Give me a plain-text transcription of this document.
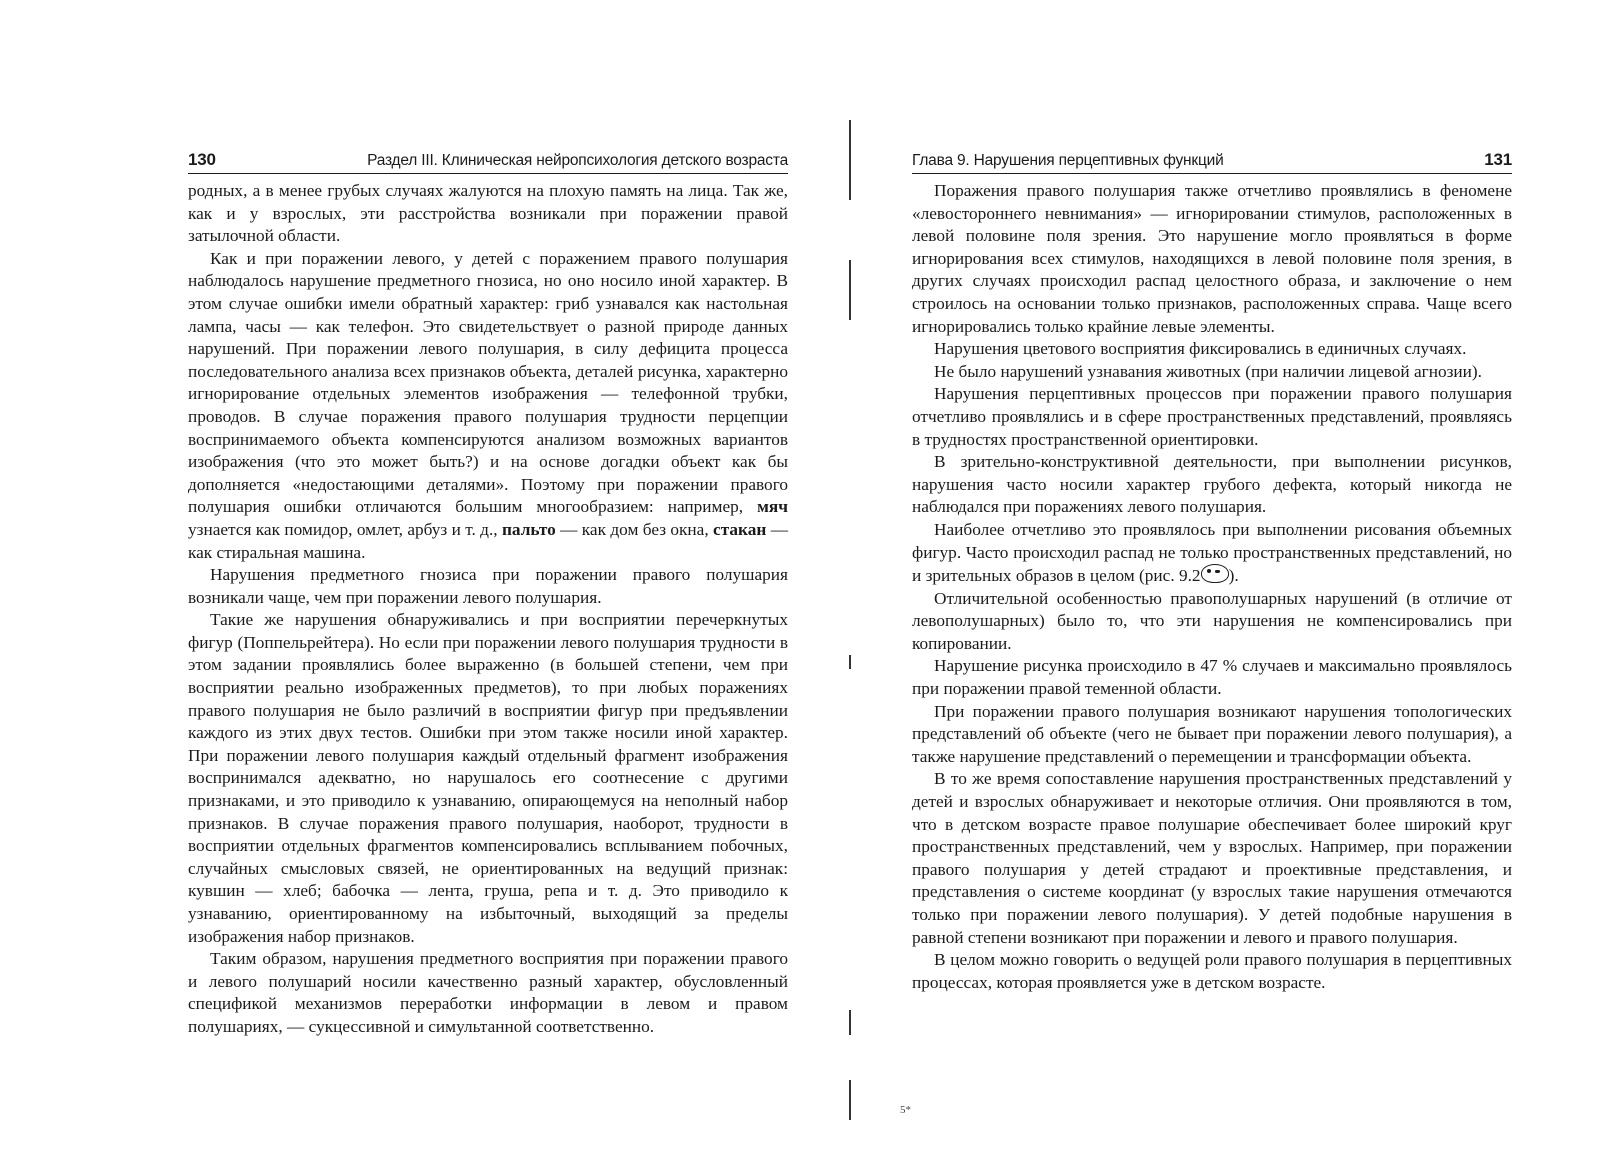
130	Раздел III. Клиническая нейропсихология детского возраста

родных, а в менее грубых случаях жалуются на плохую память на лица. Так же, как и у взрослых, эти расстройства возникали при поражении правой затылочной области.

Как и при поражении левого, у детей с поражением правого полушария наблюдалось нарушение предметного гнозиса, но оно носило иной характер. В этом случае ошибки имели обратный характер: гриб узнавался как настольная лампа, часы — как телефон. Это свидетельствует о разной природе данных нарушений. При поражении левого полушария, в силу дефицита процесса последовательного анализа всех признаков объекта, деталей рисунка, характерно игнорирование отдельных элементов изображения — телефонной трубки, проводов. В случае поражения правого полушария трудности перцепции воспринимаемого объекта компенсируются анализом возможных вариантов изображения (что это может быть?) и на основе догадки объект как бы дополняется «недостающими деталями». Поэтому при поражении правого полушария ошибки отличаются большим многообразием: например, мяч узнается как помидор, омлет, арбуз и т. д., пальто — как дом без окна, стакан — как стиральная машина.

Нарушения предметного гнозиса при поражении правого полушария возникали чаще, чем при поражении левого полушария.

Такие же нарушения обнаруживались и при восприятии перечеркнутых фигур (Поппельрейтера). Но если при поражении левого полушария трудности в этом задании проявлялись более выраженно (в большей степени, чем при восприятии реально изображенных предметов), то при любых поражениях правого полушария не было различий в восприятии фигур при предъявлении каждого из этих двух тестов. Ошибки при этом также носили иной характер. При поражении левого полушария каждый отдельный фрагмент изображения воспринимался адекватно, но нарушалось его соотнесение с другими признаками, и это приводило к узнаванию, опирающемуся на неполный набор признаков. В случае поражения правого полушария, наоборот, трудности в восприятии отдельных фрагментов компенсировались всплыванием побочных, случайных смысловых связей, не ориентированных на ведущий признак: кувшин — хлеб; бабочка — лента, груша, репа и т. д. Это приводило к узнаванию, ориентированному на избыточный, выходящий за пределы изображения набор признаков.

Таким образом, нарушения предметного восприятия при поражении правого и левого полушарий носили качественно разный характер, обусловленный спецификой механизмов переработки информации в левом и правом полушариях, — сукцессивной и симультанной соответственно.

Глава 9. Нарушения перцептивных функций	131

Поражения правого полушария также отчетливо проявлялись в феномене «левостороннего невнимания» — игнорировании стимулов, расположенных в левой половине поля зрения. Это нарушение могло проявляться в форме игнорирования всех стимулов, находящихся в левой половине поля зрения, в других случаях происходил распад целостного образа, и заключение о нем строилось на основании только признаков, расположенных справа. Чаще всего игнорировались только крайние левые элементы.

Нарушения цветового восприятия фиксировались в единичных случаях.

Не было нарушений узнавания животных (при наличии лицевой агнозии).

Нарушения перцептивных процессов при поражении правого полушария отчетливо проявлялись и в сфере пространственных представлений, проявляясь в трудностях пространственной ориентировки.

В зрительно-конструктивной деятельности, при выполнении рисунков, нарушения часто носили характер грубого дефекта, который никогда не наблюдался при поражениях левого полушария.

Наиболее отчетливо это проявлялось при выполнении рисования объемных фигур. Часто происходил распад не только пространственных представлений, но и зрительных образов в целом (рис. 9.2 ).

Отличительной особенностью правополушарных нарушений (в отличие от левополушарных) было то, что эти нарушения не компенсировались при копировании.

Нарушение рисунка происходило в 47 % случаев и максимально проявлялось при поражении правой теменной области.

При поражении правого полушария возникают нарушения топологических представлений об объекте (чего не бывает при поражении левого полушария), а также нарушение представлений о перемещении и трансформации объекта.

В то же время сопоставление нарушения пространственных представлений у детей и взрослых обнаруживает и некоторые отличия. Они проявляются в том, что в детском возрасте правое полушарие обеспечивает более широкий круг пространственных представлений, чем у взрослых. Например, при поражении правого полушария у детей страдают и проективные представления, и представления о системе координат (у взрослых такие нарушения отмечаются только при поражении левого полушария). У детей подобные нарушения в равной степени возникают при поражении и левого и правого полушария.

В целом можно говорить о ведущей роли правого полушария в перцептивных процессах, которая проявляется уже в детском возрасте.

5*
